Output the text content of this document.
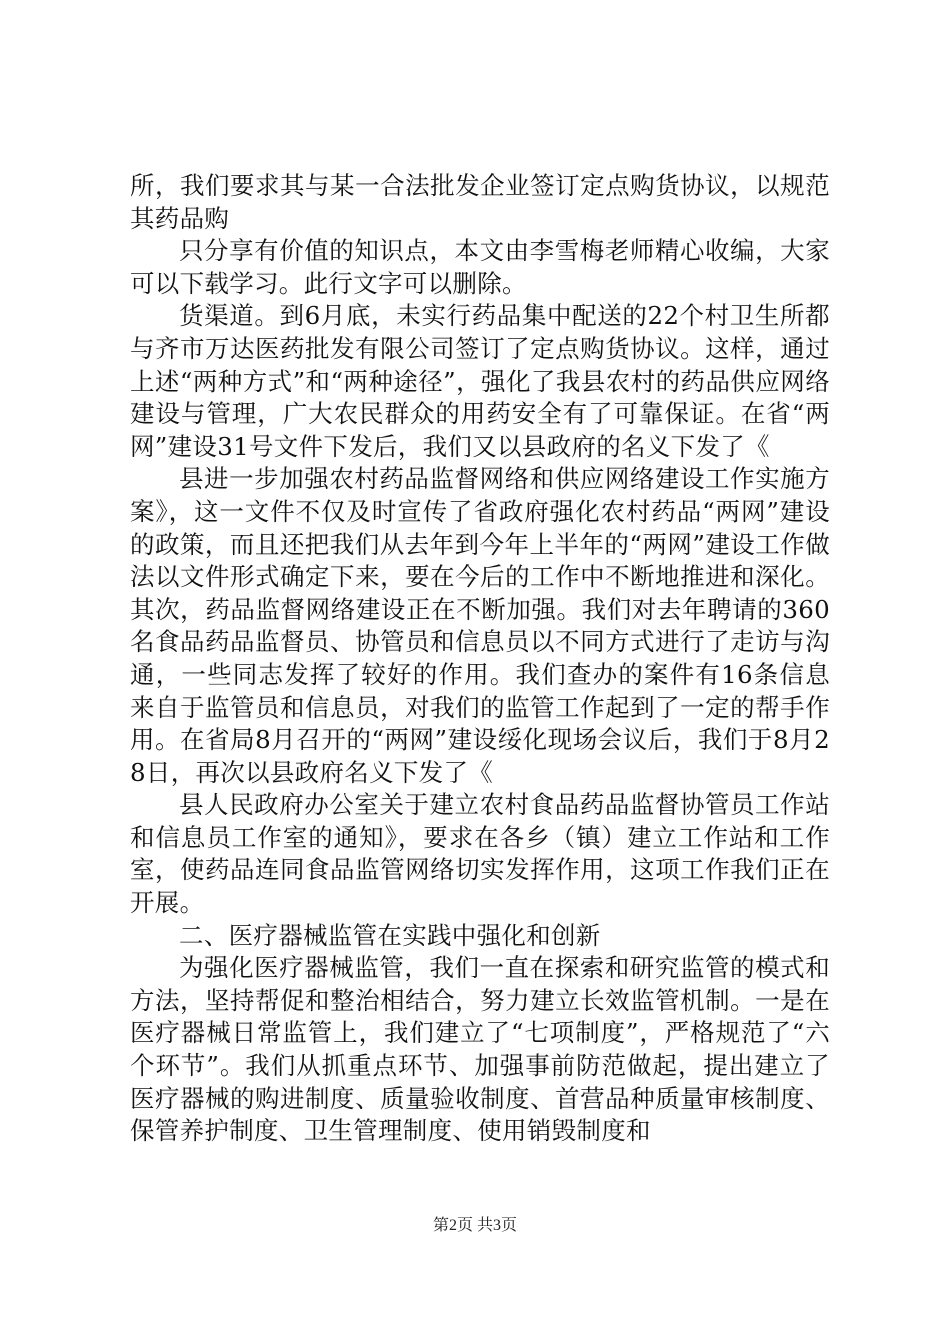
所，我们要求其与某一合法批发企业签订定点购货协议，以规范其药品购

只分享有价值的知识点，本文由李雪梅老师精心收编，大家可以下载学习。此行文字可以删除。

货渠道。到6月底，未实行药品集中配送的22个村卫生所都与齐市万达医药批发有限公司签订了定点购货协议。这样，通过上述“两种方式”和“两种途径”，强化了我县农村的药品供应网络建设与管理，广大农民群众的用药安全有了可靠保证。在省“两网”建设31号文件下发后，我们又以县政府的名义下发了《

县进一步加强农村药品监督网络和供应网络建设工作实施方案》，这一文件不仅及时宣传了省政府强化农村药品“两网”建设的政策，而且还把我们从去年到今年上半年的“两网”建设工作做法以文件形式确定下来，要在今后的工作中不断地推进和深化。其次，药品监督网络建设正在不断加强。我们对去年聘请的360名食品药品监督员、协管员和信息员以不同方式进行了走访与沟通，一些同志发挥了较好的作用。我们查办的案件有16条信息来自于监管员和信息员，对我们的监管工作起到了一定的帮手作用。在省局8月召开的“两网”建设绥化现场会议后，我们于8月28日，再次以县政府名义下发了《

县人民政府办公室关于建立农村食品药品监督协管员工作站和信息员工作室的通知》，要求在各乡（镇）建立工作站和工作室，使药品连同食品监管网络切实发挥作用，这项工作我们正在开展。

二、医疗器械监管在实践中强化和创新

为强化医疗器械监管，我们一直在探索和研究监管的模式和方法，坚持帮促和整治相结合，努力建立长效监管机制。一是在医疗器械日常监管上，我们建立了“七项制度”，严格规范了“六个环节”。我们从抓重点环节、加强事前防范做起，提出建立了医疗器械的购进制度、质量验收制度、首营品种质量审核制度、保管养护制度、卫生管理制度、使用销毁制度和

第2页 共3页
